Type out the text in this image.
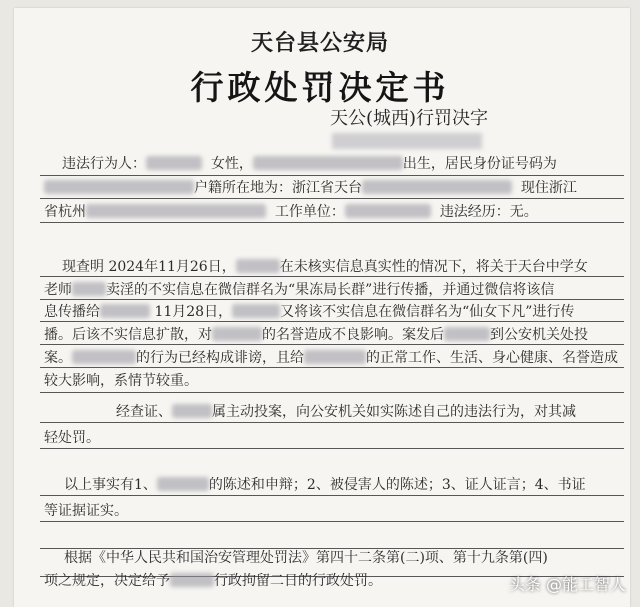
天台县公安局
行政处罚决定书
天公(城西)行罚决字
违法行为人：	女性，	出生，居民身份证号码为
户籍所在地为：浙江省天台	现住浙江
省杭州	工作单位：	违法经历：无。
现查明 2024年11月26日，	在未核实信息真实性的情况下，将关于天台中学女
老师 卖淫的不实信息在微信群名为“果冻局长群”进行传播，并通过微信将该信
息传播给	11月28日，	又将该不实信息在微信群名为“仙女下凡”进行传
播。后该不实信息扩散，对	的名誉造成不良影响。案发后	到公安机关处投
案。	的行为已经构成诽谤，且给	的正常工作、生活、身心健康、名誉造成
较大影响，系情节较重。
经查证、	属主动投案，向公安机关如实陈述自己的违法行为，对其减
轻处罚。
以上事实有1、	的陈述和申辩；2、被侵害人的陈述；3、证人证言；4、书证
等证据证实。
根据《中华人民共和国治安管理处罚法》第四十二条第(二)项、第十九条第(四)
项之规定，决定给予	行政拘留二日的行政处罚。	头条 @能工智人
